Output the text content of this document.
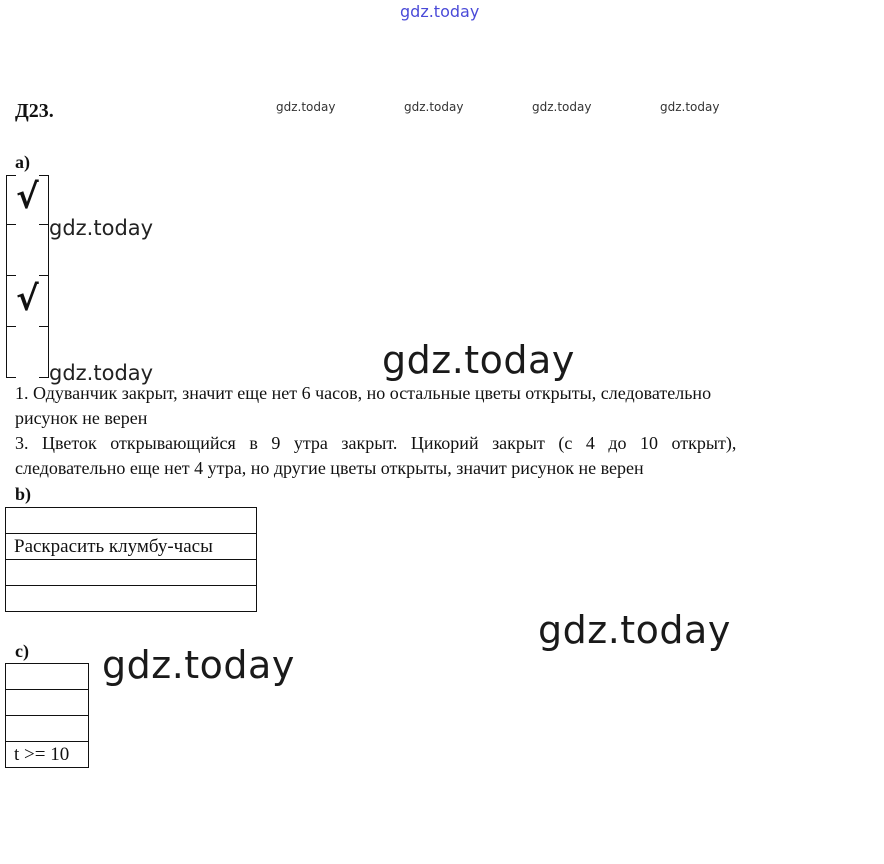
gdz.today
gdz.today	gdz.today	gdz.today	gdz.today
Д23.
а)
√
√
gdz.today
gdz.today	gdz.today
1. Одуванчик закрыт, значит еще нет 6 часов, но остальные цветы открыты, следовательно
рисунок не верен
3. Цветок открывающийся в 9 утра закрыт. Цикорий закрыт (с 4 до 10 открыт),
следовательно еще нет 4 утра, но другие цветы открыты, значит рисунок не верен
b)

Раскрасить клумбу-часы

gdz.today
c)

t >= 10
gdz.today
